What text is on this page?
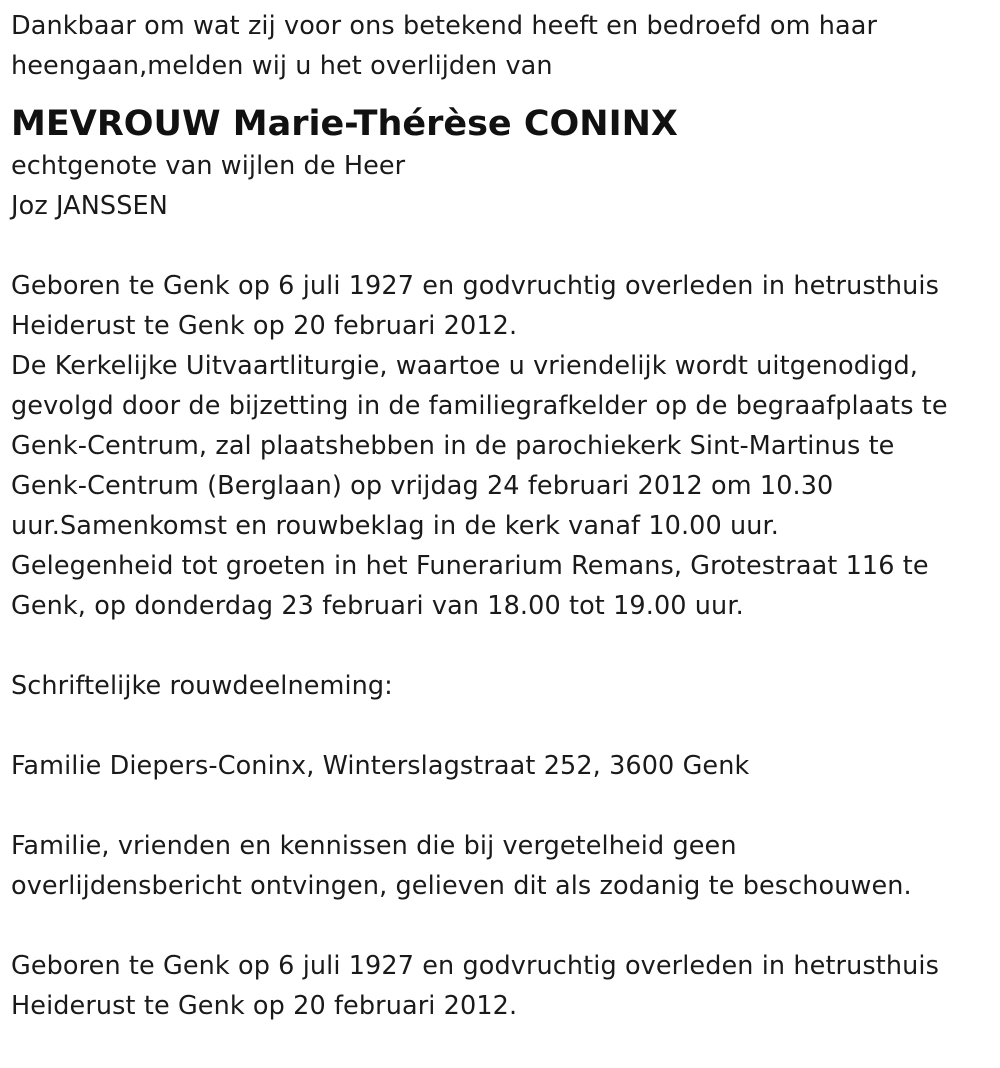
Dankbaar om wat zij voor ons betekend heeft en bedroefd om haar
heengaan,melden wij u het overlijden van
MEVROUW Marie-Thérèse CONINX
echtgenote van wijlen de Heer
Joz JANSSEN
Geboren te Genk op 6 juli 1927 en godvruchtig overleden in hetrusthuis
Heiderust te Genk op 20 februari 2012.
De Kerkelijke Uitvaartliturgie, waartoe u vriendelijk wordt uitgenodigd,
gevolgd door de bijzetting in de familiegrafkelder op de begraafplaats te
Genk-Centrum, zal plaatshebben in de parochiekerk Sint-Martinus te
Genk-Centrum (Berglaan) op vrijdag 24 februari 2012 om 10.30
uur.Samenkomst en rouwbeklag in de kerk vanaf 10.00 uur.
Gelegenheid tot groeten in het Funerarium Remans, Grotestraat 116 te
Genk, op donderdag 23 februari van 18.00 tot 19.00 uur.
Schriftelijke rouwdeelneming:
Familie Diepers-Coninx, Winterslagstraat 252, 3600 Genk
Familie, vrienden en kennissen die bij vergetelheid geen
overlijdensbericht ontvingen, gelieven dit als zodanig te beschouwen.
Geboren te Genk op 6 juli 1927 en godvruchtig overleden in hetrusthuis
Heiderust te Genk op 20 februari 2012.
